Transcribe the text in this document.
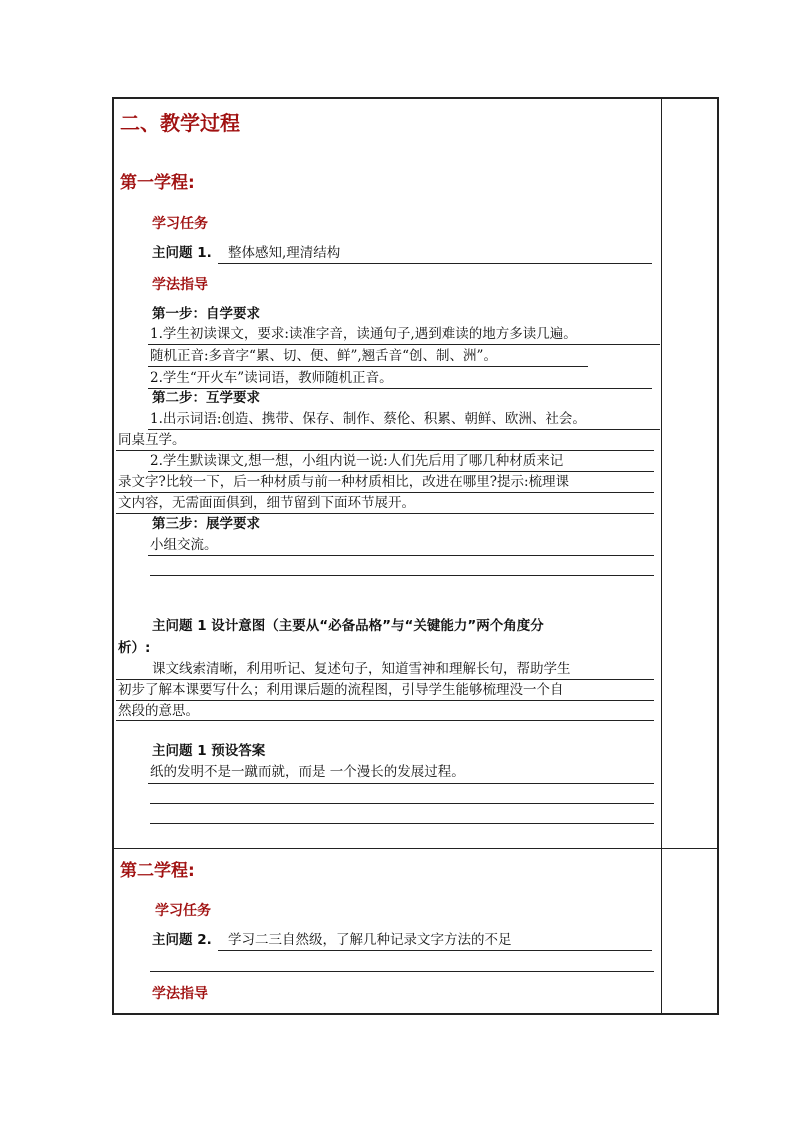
二、教学过程
第一学程:
学习任务
主问题 1. 整体感知,理清结构
学法指导
第一步：自学要求
1.学生初读课文，要求:读准字音，读通句子,遇到难读的地方多读几遍。
随机正音:多音字“累、切、便、鲜”,翘舌音“创、制、洲”。
2.学生“开火车”读词语，教师随机正音。
第二步：互学要求
1.出示词语:创造、携带、保存、制作、蔡伦、积累、朝鲜、欧洲、社会。
同桌互学。
2.学生默读课文,想一想，小组内说一说:人们先后用了哪几种材质来记
录文字?比较一下，后一种材质与前一种材质相比，改进在哪里?提示:梳理课
文内容，无需面面俱到，细节留到下面环节展开。
第三步：展学要求
小组交流。
主问题 1 设计意图（主要从“必备品格”与“关键能力”两个角度分
析）:
课文线索清晰，利用听记、复述句子，知道雪神和理解长句，帮助学生
初步了解本课要写什么；利用课后题的流程图，引导学生能够梳理没一个自
然段的意思。
主问题 1 预设答案
纸的发明不是一蹴而就，而是 一个漫长的发展过程。
第二学程:
学习任务
主问题 2. 学习二三自然级，了解几种记录文字方法的不足
学法指导
